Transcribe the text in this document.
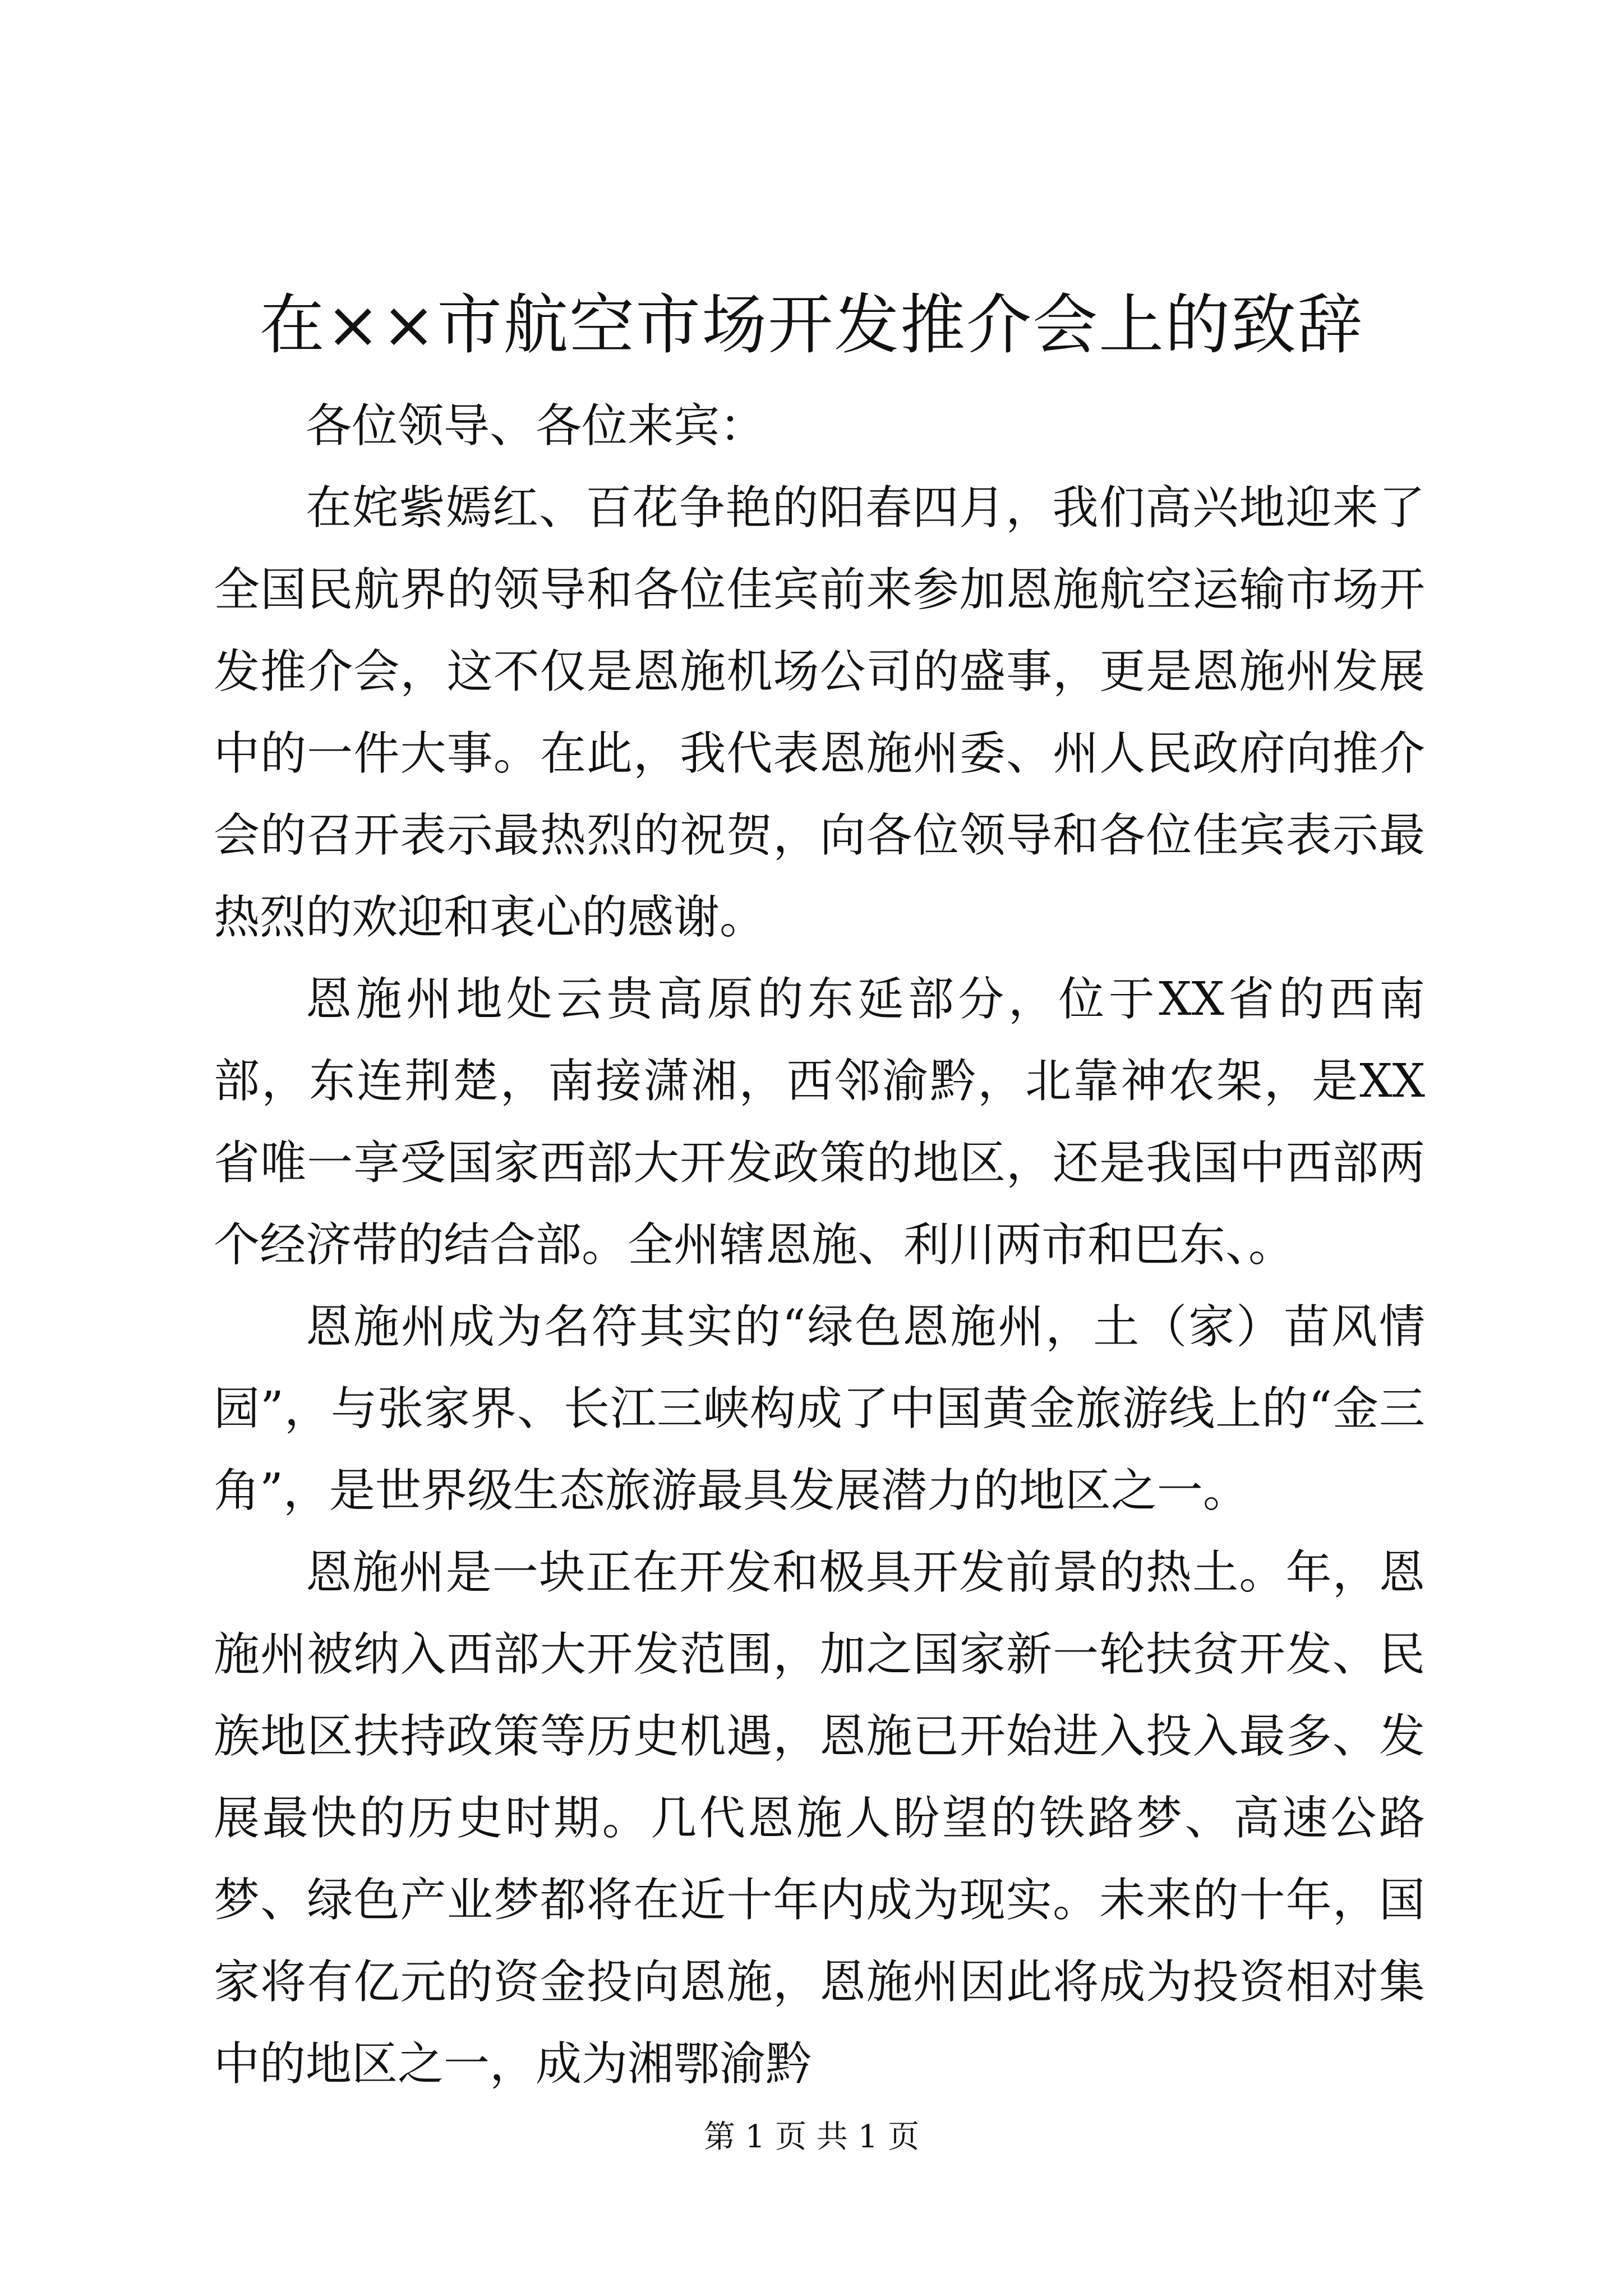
在××市航空市场开发推介会上的致辞

各位领导、各位来宾：

在姹紫嫣红、百花争艳的阳春四月，我们高兴地迎来了全国民航界的领导和各位佳宾前来参加恩施航空运输市场开发推介会，这不仅是恩施机场公司的盛事，更是恩施州发展中的一件大事。在此，我代表恩施州委、州人民政府向推介会的召开表示最热烈的祝贺，向各位领导和各位佳宾表示最热烈的欢迎和衷心的感谢。

恩施州地处云贵高原的东延部分，位于XX省的西南部，东连荆楚，南接潇湘，西邻渝黔，北靠神农架，是XX省唯一享受国家西部大开发政策的地区，还是我国中西部两个经济带的结合部。全州辖恩施、利川两市和巴东、。

恩施州成为名符其实的“绿色恩施州，土（家）苗风情园”，与张家界、长江三峡构成了中国黄金旅游线上的“金三角”，是世界级生态旅游最具发展潜力的地区之一。

恩施州是一块正在开发和极具开发前景的热土。年，恩施州被纳入西部大开发范围，加之国家新一轮扶贫开发、民族地区扶持政策等历史机遇，恩施已开始进入投入最多、发展最快的历史时期。几代恩施人盼望的铁路梦、高速公路梦、绿色产业梦都将在近十年内成为现实。未来的十年，国家将有亿元的资金投向恩施，恩施州因此将成为投资相对集中的地区之一，成为湘鄂渝黔

第 1 页 共 1 页
